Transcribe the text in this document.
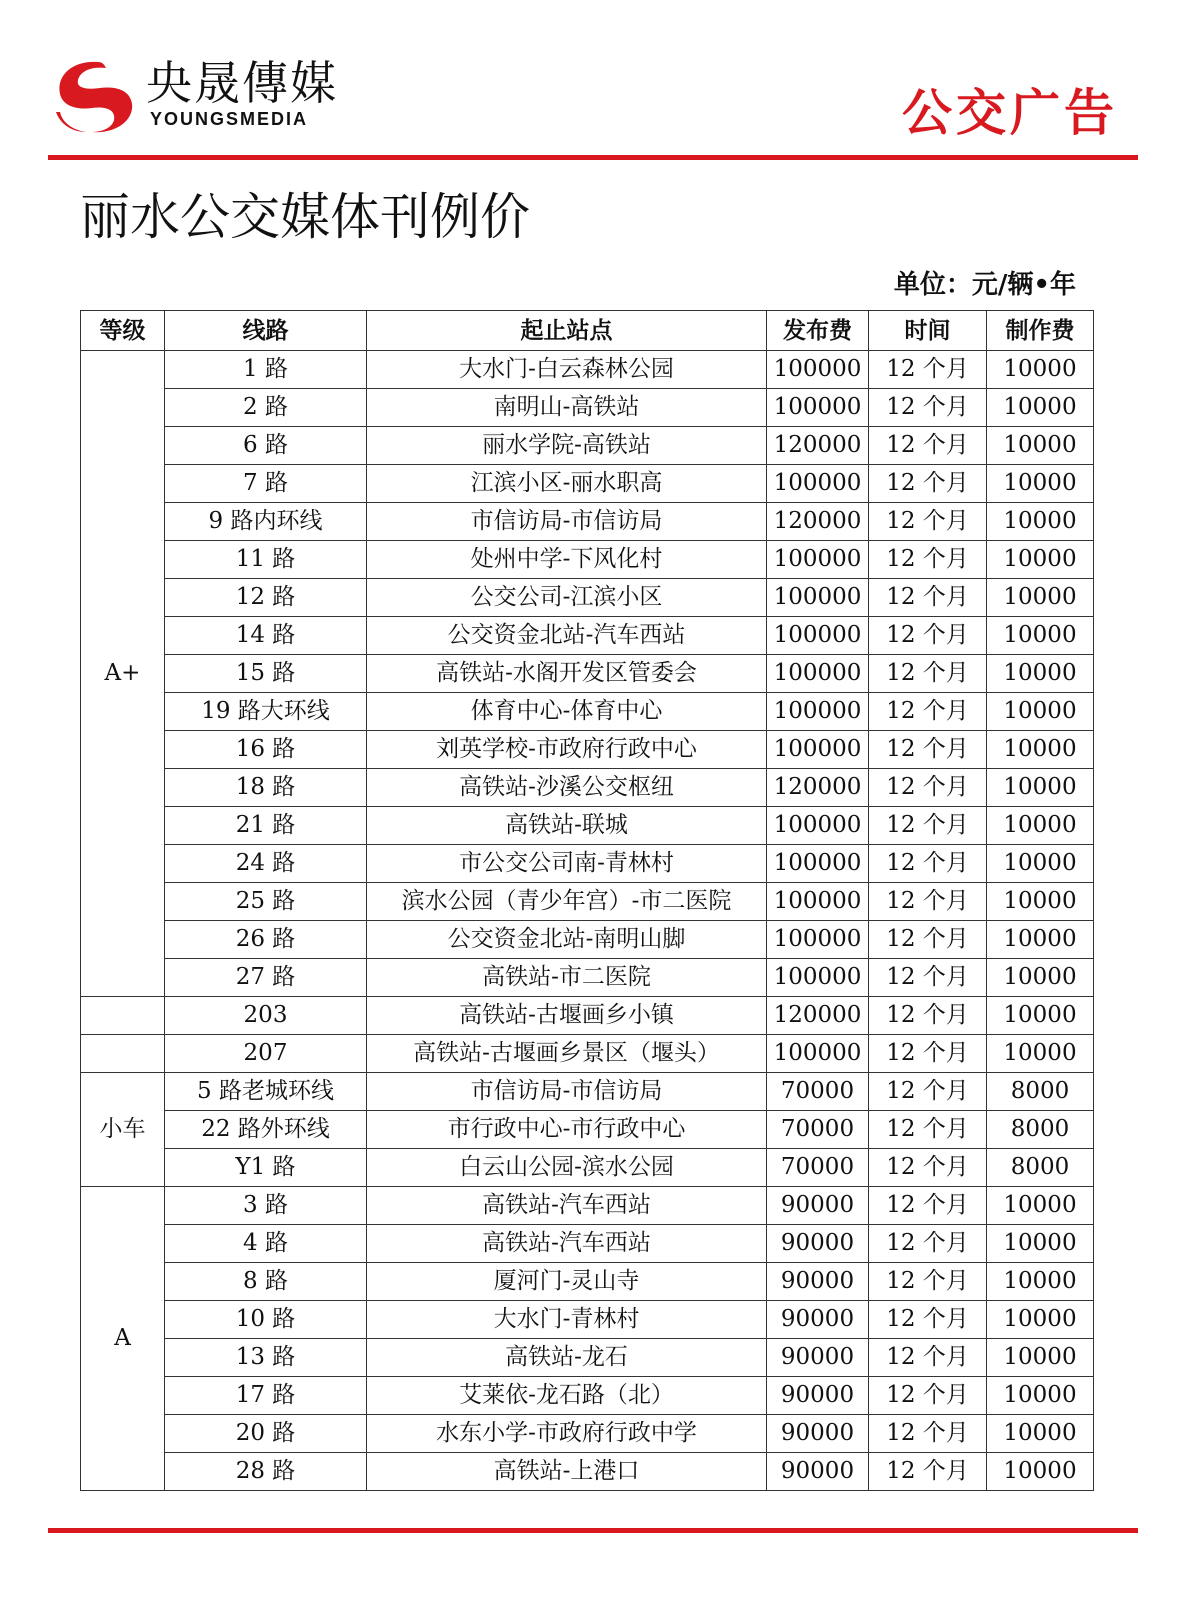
央晟傳媒
YOUNGSMEDIA	公交广告
丽水公交媒体刊例价
单位：元/辆•年
等级	线路	起止站点	发布费	时间	制作费
A+	1 路	大水门-白云森林公园	100000	12 个月	10000
	2 路	南明山-高铁站	100000	12 个月	10000
	6 路	丽水学院-高铁站	120000	12 个月	10000
	7 路	江滨小区-丽水职高	100000	12 个月	10000
	9 路内环线	市信访局-市信访局	120000	12 个月	10000
	11 路	处州中学-下风化村	100000	12 个月	10000
	12 路	公交公司-江滨小区	100000	12 个月	10000
	14 路	公交资金北站-汽车西站	100000	12 个月	10000
	15 路	高铁站-水阁开发区管委会	100000	12 个月	10000
	19 路大环线	体育中心-体育中心	100000	12 个月	10000
	16 路	刘英学校-市政府行政中心	100000	12 个月	10000
	18 路	高铁站-沙溪公交枢纽	120000	12 个月	10000
	21 路	高铁站-联城	100000	12 个月	10000
	24 路	市公交公司南-青林村	100000	12 个月	10000
	25 路	滨水公园（青少年宫）-市二医院	100000	12 个月	10000
	26 路	公交资金北站-南明山脚	100000	12 个月	10000
	27 路	高铁站-市二医院	100000	12 个月	10000
	203	高铁站-古堰画乡小镇	120000	12 个月	10000
	207	高铁站-古堰画乡景区（堰头）	100000	12 个月	10000
小车	5 路老城环线	市信访局-市信访局	70000	12 个月	8000
	22 路外环线	市行政中心-市行政中心	70000	12 个月	8000
	Y1 路	白云山公园-滨水公园	70000	12 个月	8000
A	3 路	高铁站-汽车西站	90000	12 个月	10000
	4 路	高铁站-汽车西站	90000	12 个月	10000
	8 路	厦河门-灵山寺	90000	12 个月	10000
	10 路	大水门-青林村	90000	12 个月	10000
	13 路	高铁站-龙石	90000	12 个月	10000
	17 路	艾莱依-龙石路（北）	90000	12 个月	10000
	20 路	水东小学-市政府行政中学	90000	12 个月	10000
	28 路	高铁站-上港口	90000	12 个月	10000
